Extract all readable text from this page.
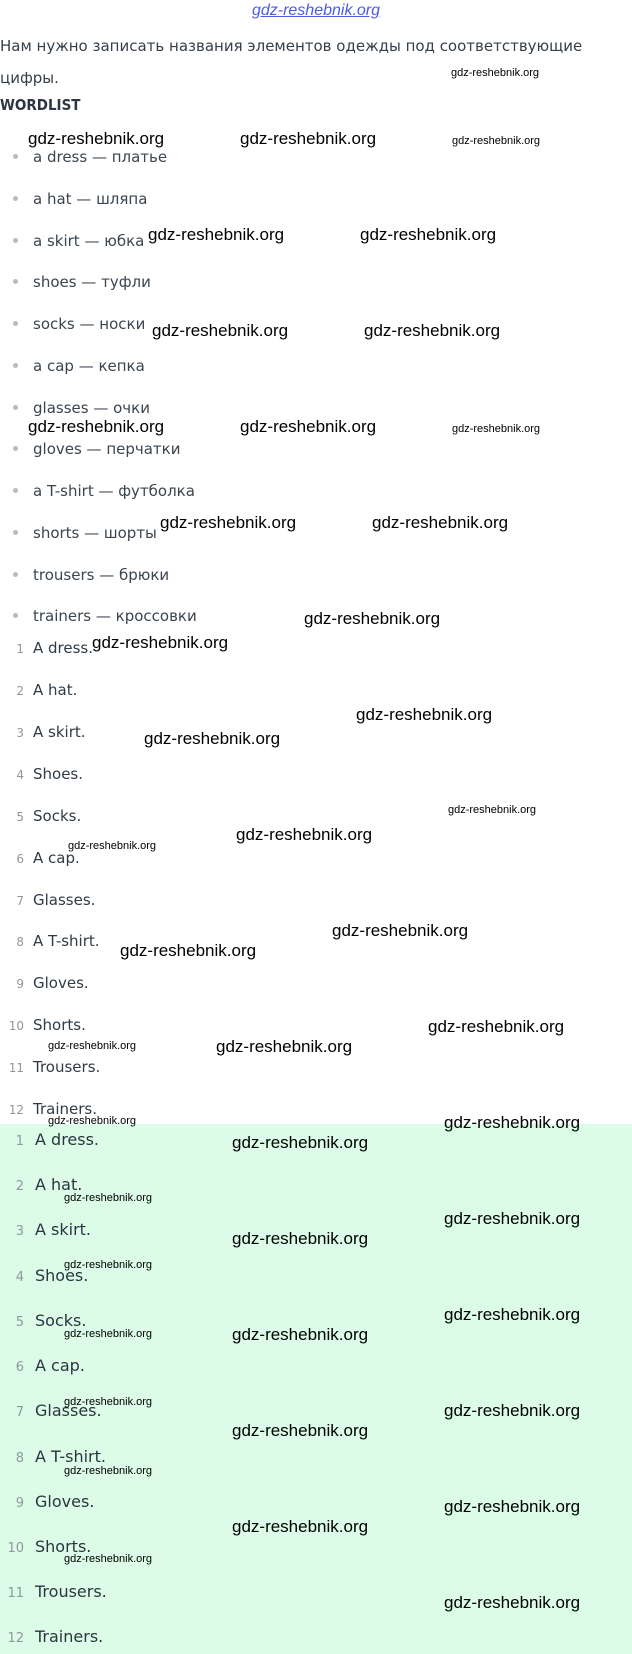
gdz-reshebnik.org
Нам нужно записать названия элементов одежды под соответствующие цифры.
WORDLIST
a dress — платье
a hat — шляпа
a skirt — юбка
shoes — туфли
socks — носки
a cap — кепка
glasses — очки
gloves — перчатки
a T-shirt — футболка
shorts — шорты
trousers — брюки
trainers — кроссовки
1 A dress.
2 A hat.
3 A skirt.
4 Shoes.
5 Socks.
6 A cap.
7 Glasses.
8 A T-shirt.
9 Gloves.
10 Shorts.
11 Trousers.
12 Trainers.
1 A dress.
2 A hat.
3 A skirt.
4 Shoes.
5 Socks.
6 A cap.
7 Glasses.
8 A T-shirt.
9 Gloves.
10 Shorts.
11 Trousers.
12 Trainers.
gdz-reshebnik.org
gdz-reshebnik.org	gdz-reshebnik.org	gdz-reshebnik.org
gdz-reshebnik.org	gdz-reshebnik.org
gdz-reshebnik.org	gdz-reshebnik.org
gdz-reshebnik.org	gdz-reshebnik.org	gdz-reshebnik.org
gdz-reshebnik.org	gdz-reshebnik.org
gdz-reshebnik.org
gdz-reshebnik.org
gdz-reshebnik.org
gdz-reshebnik.org
gdz-reshebnik.org
gdz-reshebnik.org
gdz-reshebnik.org
gdz-reshebnik.org
gdz-reshebnik.org
gdz-reshebnik.org
gdz-reshebnik.org	gdz-reshebnik.org
gdz-reshebnik.org	gdz-reshebnik.org
gdz-reshebnik.org
gdz-reshebnik.org
gdz-reshebnik.org
gdz-reshebnik.org
gdz-reshebnik.org
gdz-reshebnik.org
gdz-reshebnik.org	gdz-reshebnik.org
gdz-reshebnik.org	gdz-reshebnik.org
gdz-reshebnik.org
gdz-reshebnik.org
gdz-reshebnik.org
gdz-reshebnik.org
gdz-reshebnik.org
gdz-reshebnik.org
